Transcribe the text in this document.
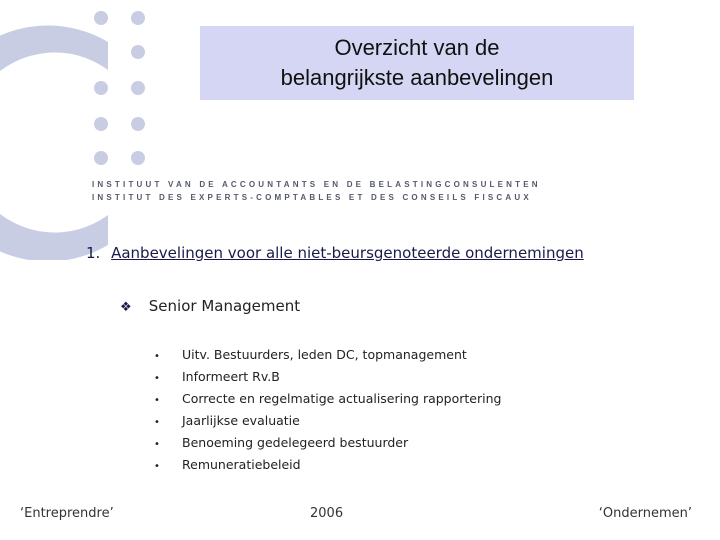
Overzicht van de
belangrijkste aanbevelingen
INSTITUUT VAN DE ACCOUNTANTS EN DE BELASTINGCONSULENTEN
INSTITUT DES EXPERTS-COMPTABLES ET DES CONSEILS FISCAUX
1. Aanbevelingen voor alle niet-beursgenoteerde ondernemingen
❖ Senior Management
• Uitv. Bestuurders, leden DC, topmanagement
• Informeert Rv.B
• Correcte en regelmatige actualisering rapportering
• Jaarlijkse evaluatie
• Benoeming gedelegeerd bestuurder
• Remuneratiebeleid
‘Entreprendre’	2006	‘Ondernemen’
